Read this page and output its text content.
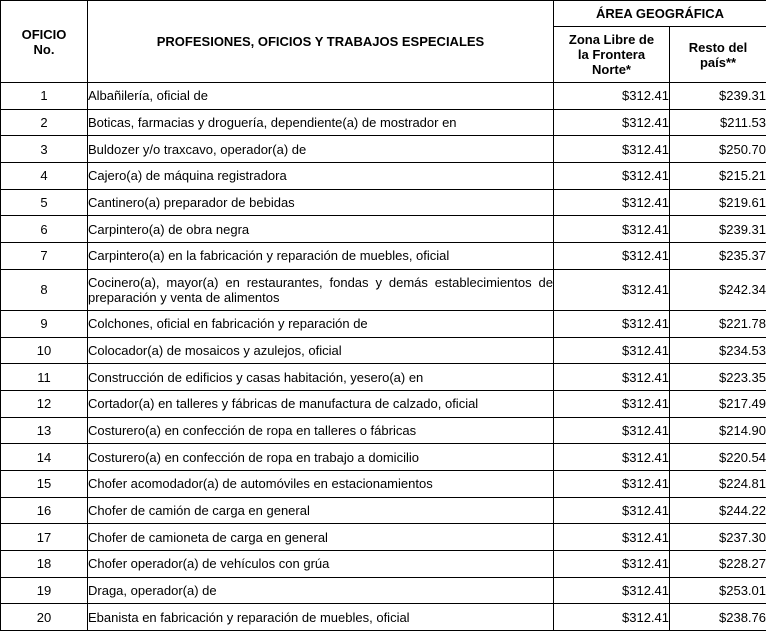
OFICIO No.	PROFESIONES, OFICIOS Y TRABAJOS ESPECIALES	ÁREA GEOGRÁFICA	
		Zona Libre de la Frontera Norte*	Resto del país**
1	Albañilería, oficial de	$312.41	$239.31
2	Boticas, farmacias y droguería, dependiente(a) de mostrador en	$312.41	$211.53
3	Buldozer y/o traxcavo, operador(a) de	$312.41	$250.70
4	Cajero(a) de máquina registradora	$312.41	$215.21
5	Cantinero(a) preparador de bebidas	$312.41	$219.61
6	Carpintero(a) de obra negra	$312.41	$239.31
7	Carpintero(a) en la fabricación y reparación de muebles, oficial	$312.41	$235.37
8	Cocinero(a), mayor(a) en restaurantes, fondas y demás establecimientos de preparación y venta de alimentos	$312.41	$242.34
9	Colchones, oficial en fabricación y reparación de	$312.41	$221.78
10	Colocador(a) de mosaicos y azulejos, oficial	$312.41	$234.53
11	Construcción de edificios y casas habitación, yesero(a) en	$312.41	$223.35
12	Cortador(a) en talleres y fábricas de manufactura de calzado, oficial	$312.41	$217.49
13	Costurero(a) en confección de ropa en talleres o fábricas	$312.41	$214.90
14	Costurero(a) en confección de ropa en trabajo a domicilio	$312.41	$220.54
15	Chofer acomodador(a) de automóviles en estacionamientos	$312.41	$224.81
16	Chofer de camión de carga en general	$312.41	$244.22
17	Chofer de camioneta de carga en general	$312.41	$237.30
18	Chofer operador(a) de vehículos con grúa	$312.41	$228.27
19	Draga, operador(a) de	$312.41	$253.01
20	Ebanista en fabricación y reparación de muebles, oficial	$312.41	$238.76
